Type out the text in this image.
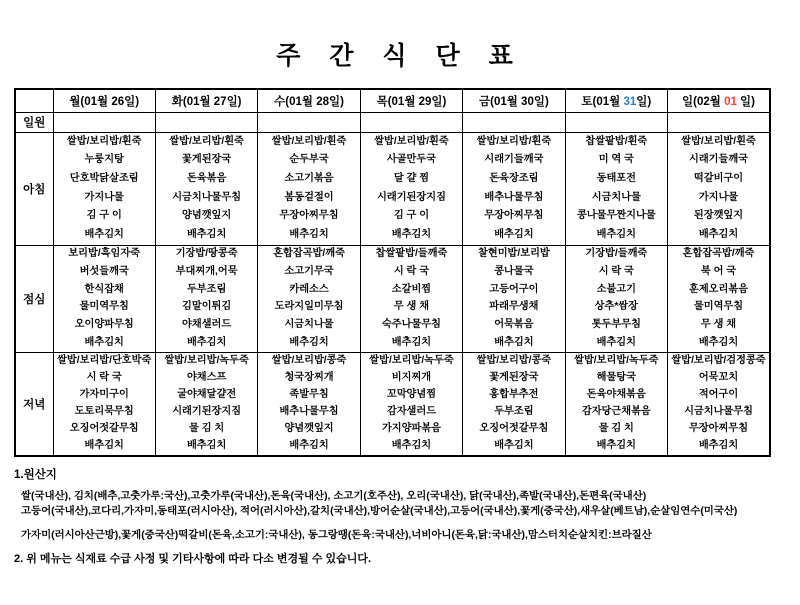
주 간 식 단 표
	월(01월 26일)	화(01월 27일)	수(01월 28일)	목(01월 29일)	금(01월 30일)	토(01월 31일)	일(02월 01 일)
일원	

아침	
쌀밥/보리밥/흰죽
누룽지탕
단호박닭살조림
가지나물
김 구 이
배추김치

쌀밥/보리밥/흰죽
꽃게된장국
돈육볶음
시금치나물무침
양념깻잎지
배추김치

쌀밥/보리밥/흰죽
순두부국
소고기볶음
봄동겉절이
무장아찌무침
배추김치

쌀밥/보리밥/흰죽
사골만두국
달 걀 찜
시래기된장지짐
김 구 이
배추김치

쌀밥/보리밥/흰죽
시래기들깨국
돈육장조림
배추나물무침
무장아찌무침
배추김치

찹쌀팥밥/흰죽
미 역 국
동태포전
시금치나물
콩나물무짠지나물
배추김치

쌀밥/보리밥/흰죽
시래기들깨국
떡갈비구이
가지나물
된장깻잎지
배추김치

점심	
보리밥/흑임자죽
버섯들깨국
한식잡채
물미역무침
오이양파무침
배추김치

기장밥/땅콩죽
부대찌개,어묵
두부조림
김말이튀김
야채샐러드
배추김치

혼합잡곡밥/깨죽
소고기무국
카레소스
도라지일미무침
시금치나물
배추김치

찹쌀팥밥/들깨죽
시 락 국
소갈비찜
무 생 채
숙주나물무침
배추김치

찰현미밥/보리밥
콩나물국
고등어구이
파래무생채
어묵볶음
배추김치

기장밥/들깨죽
시 락 국
소불고기
상추*쌈장
톳두부무침
배추김치

혼합잡곡밥/깨죽
북 어 국
훈제오리볶음
물미역무침
무 생 채
배추김치

저녁	
쌀밥/보리밥/단호박죽
시 락 국
가자미구이
도토리묵무침
오징어젓갈무침
배추김치

쌀밥/보리밥/녹두죽
야채스프
굴야채달걀전
시래기된장지짐
물 김 치
배추김치

쌀밥/보리밥/콩죽
청국장찌개
족발무침
배추나물무침
양념깻잎지
배추김치

쌀밥/보리밥/녹두죽
비지찌개
꼬막양념찜
감자샐러드
가지양파볶음
배추김치

쌀밥/보리밥/콩죽
꽃게된장국
홍합부추전
두부조림
오징어젓갈무침
배추김치

쌀밥/보리밥/녹두죽
해물탕국
돈육야채볶음
감자당근채볶음
물 김 치
배추김치

쌀밥/보리밥/검정콩죽
어묵꼬치
적어구이
시금치나물무침
무장아찌무침
배추김치
1.원산지
쌀(국내산), 김치(배추,고춧가루:국산),고춧가루(국내산),돈육(국내산), 소고기(호주산), 오리(국내산), 닭(국내산),족발(국내산),돈편육(국내산)
고등어(국내산),코다리,가자미,동태포(러시아산), 적어(러시아산),갈치(국내산),방어순살(국내산),고등어(국내산),꽃게(중국산),새우살(베트남),순살임연수(미국산)
가자미(러시아산근방),꽃게(중국산)떡갈비(돈육,소고기:국내산), 동그랑땡(돈육:국내산),너비아니(돈육,닭:국내산),맘스터치순살치킨:브라질산
2. 위 메뉴는 식재료 수급 사정 및 기타사항에 따라 다소 변경될 수 있습니다.
